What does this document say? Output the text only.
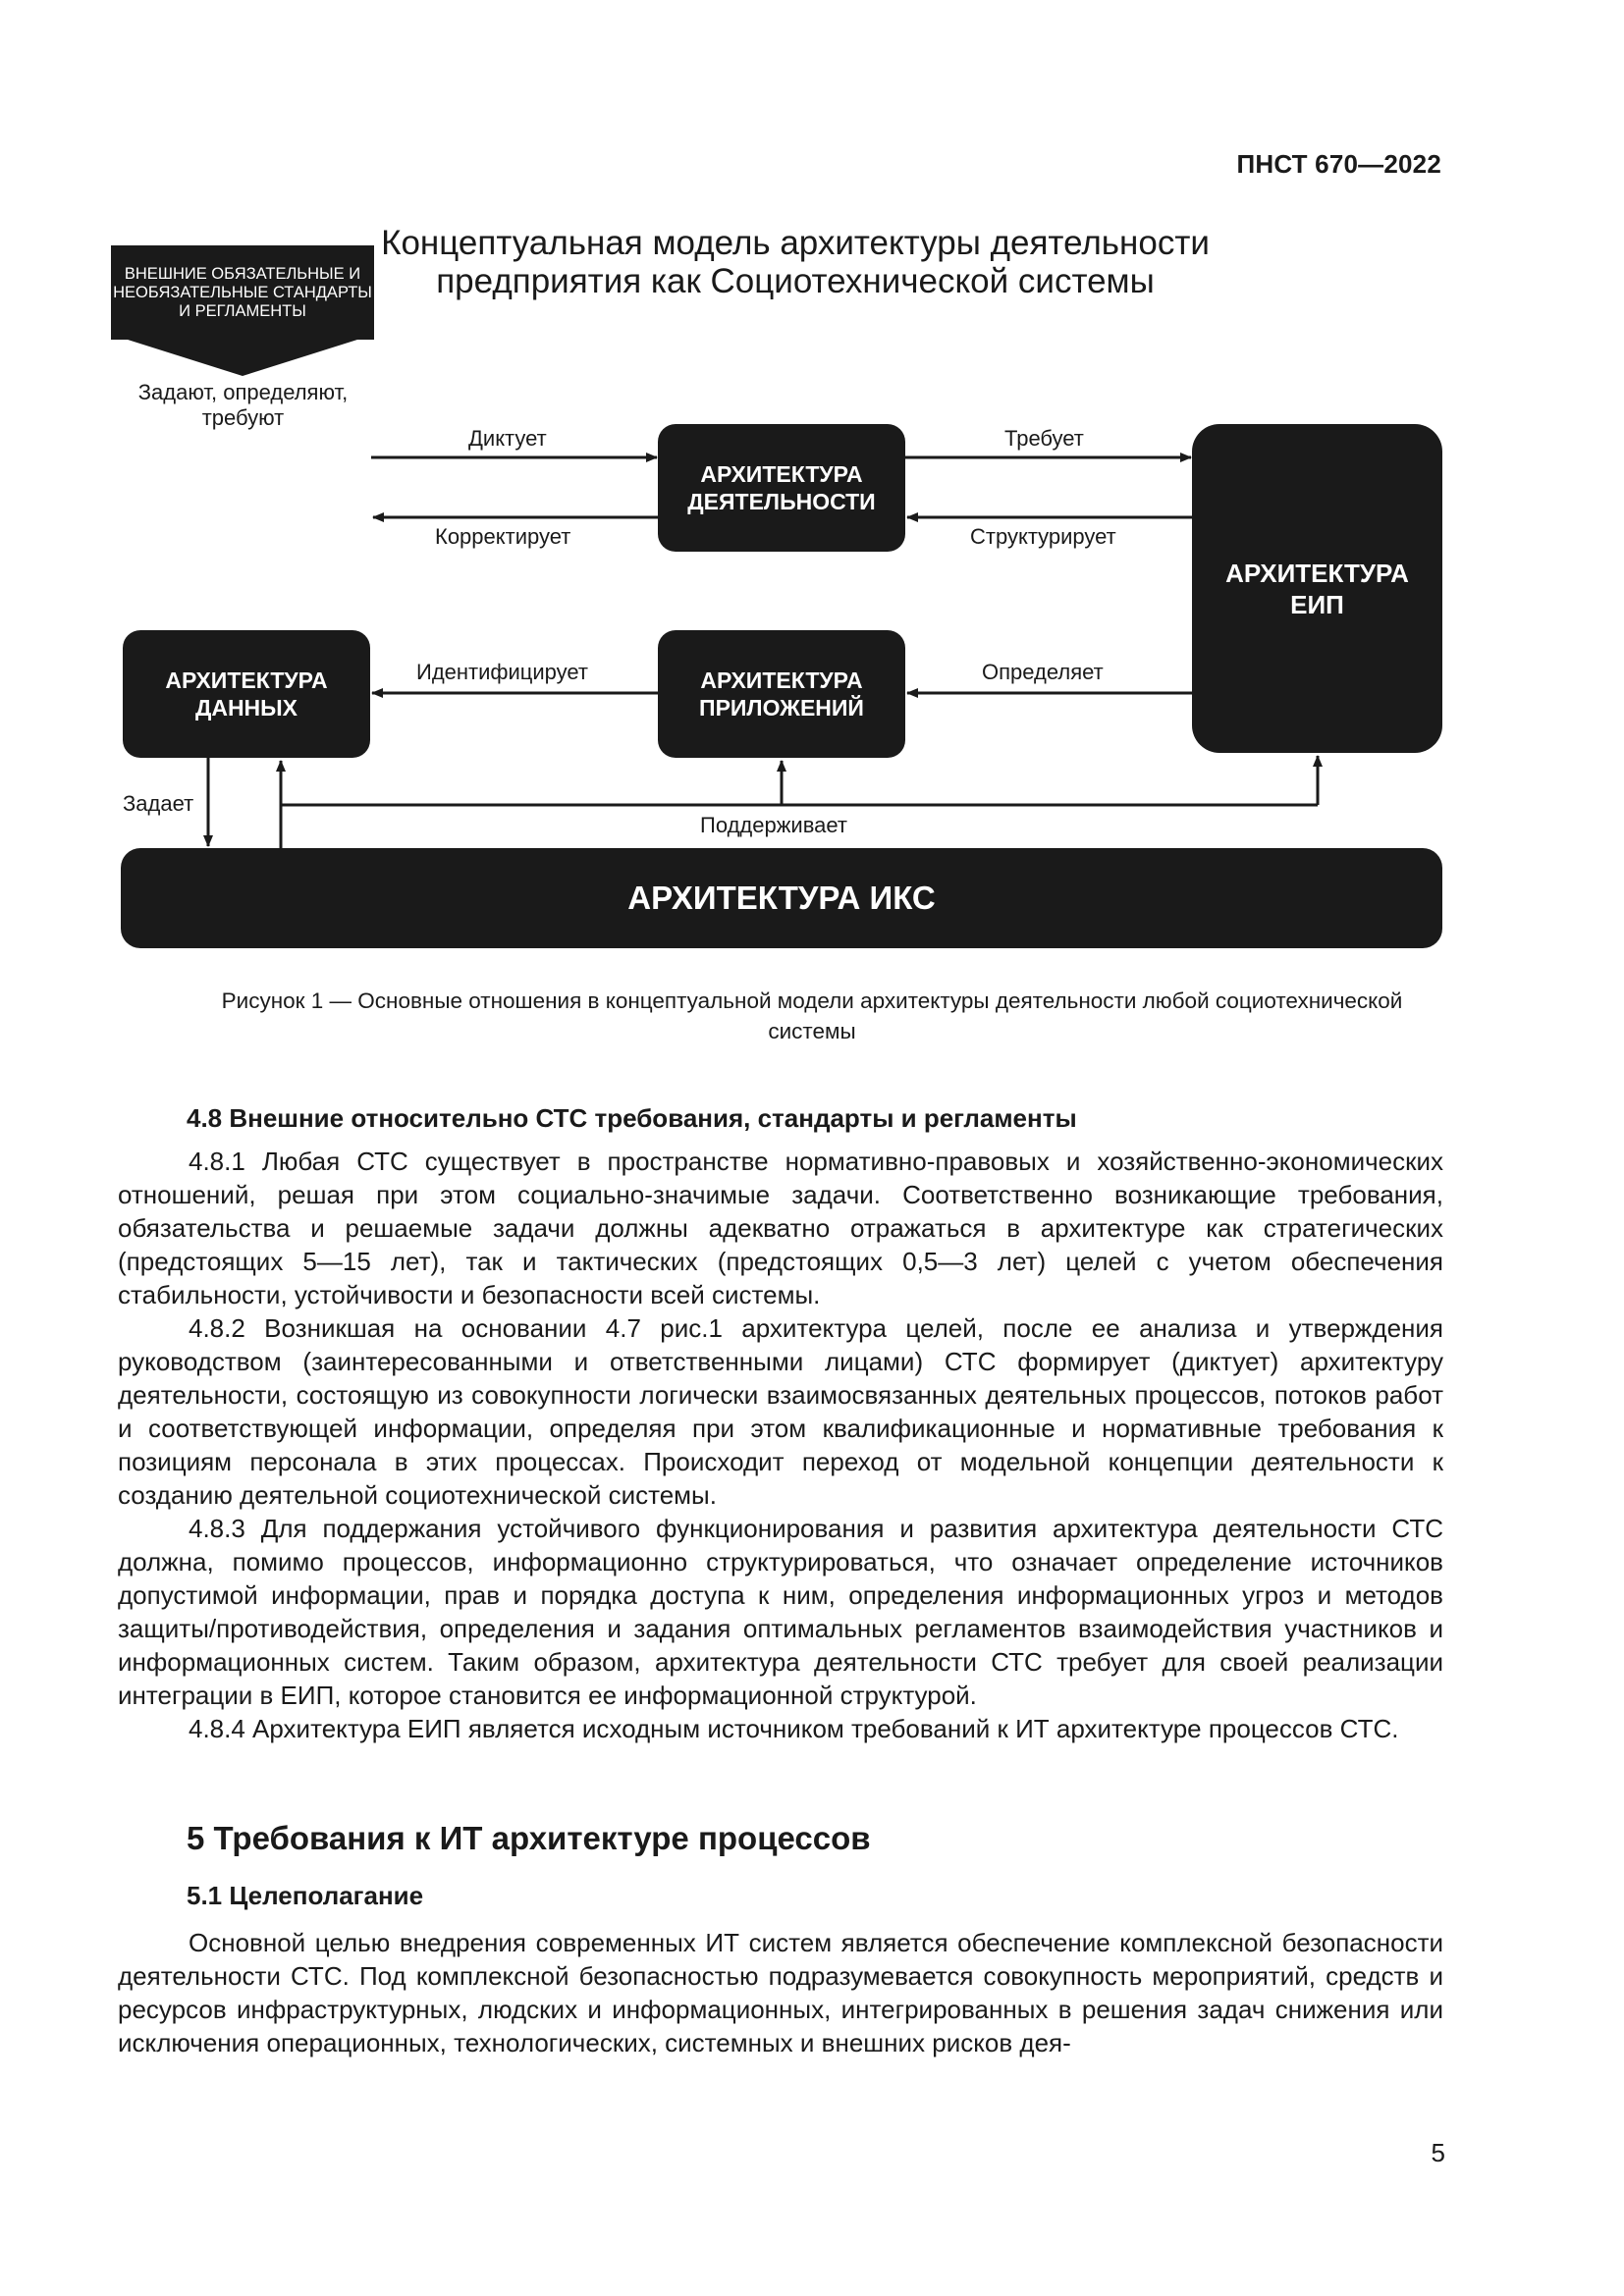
ПНСТ 670—2022
Концептуальная модель архитектуры деятельности предприятия как Социотехнической системы
ВНЕШНИЕ ОБЯЗАТЕЛЬНЫЕ И НЕОБЯЗАТЕЛЬНЫЕ СТАНДАРТЫ И РЕГЛАМЕНТЫ
Задают, определяют, требуют
АРХИТЕКТУРА ДЕЯТЕЛЬНОСТИ
АРХИТЕКТУРА ЕИП
АРХИТЕКТУРА ДАННЫХ
АРХИТЕКТУРА ПРИЛОЖЕНИЙ
АРХИТЕКТУРА ИКС
Диктует
Корректирует
Требует
Структурирует
Идентифицирует	Определяет
Задает
Поддерживает
Рисунок 1 — Основные отношения в концептуальной модели архитектуры деятельности любой социотехнической системы
4.8 Внешние относительно СТС требования, стандарты и регламенты

4.8.1 Любая СТС существует в пространстве нормативно-правовых и хозяйственно-экономических отношений, решая при этом социально-значимые задачи. Соответственно возникающие требования, обязательства и решаемые задачи должны адекватно отражаться в архитектуре как стратегических (предстоящих 5—15 лет), так и тактических (предстоящих 0,5—3 лет) целей с учетом обеспечения стабильности, устойчивости и безопасности всей системы.

4.8.2 Возникшая на основании 4.7 рис.1 архитектура целей, после ее анализа и утверждения руководством (заинтересованными и ответственными лицами) СТС формирует (диктует) архитектуру деятельности, состоящую из совокупности логически взаимосвязанных деятельных процессов, потоков работ и соответствующей информации, определяя при этом квалификационные и нормативные требования к позициям персонала в этих процессах. Происходит переход от модельной концепции деятельности к созданию деятельной социотехнической системы.

4.8.3 Для поддержания устойчивого функционирования и развития архитектура деятельности СТС должна, помимо процессов, информационно структурироваться, что означает определение источников допустимой информации, прав и порядка доступа к ним, определения информационных угроз и методов защиты/противодействия, определения и задания оптимальных регламентов взаимодействия участников и информационных систем. Таким образом, архитектура деятельности СТС требует для своей реализации интеграции в ЕИП, которое становится ее информационной структурой.

4.8.4 Архитектура ЕИП является исходным источником требований к ИТ архитектуре процессов СТС.

5 Требования к ИТ архитектуре процессов
5.1 Целеполагание

Основной целью внедрения современных ИТ систем является обеспечение комплексной безопасности деятельности СТС. Под комплексной безопасностью подразумевается совокупность мероприятий, средств и ресурсов инфраструктурных, людских и информационных, интегрированных в решения задач снижения или исключения операционных, технологических, системных и внешних рисков дея-

5
